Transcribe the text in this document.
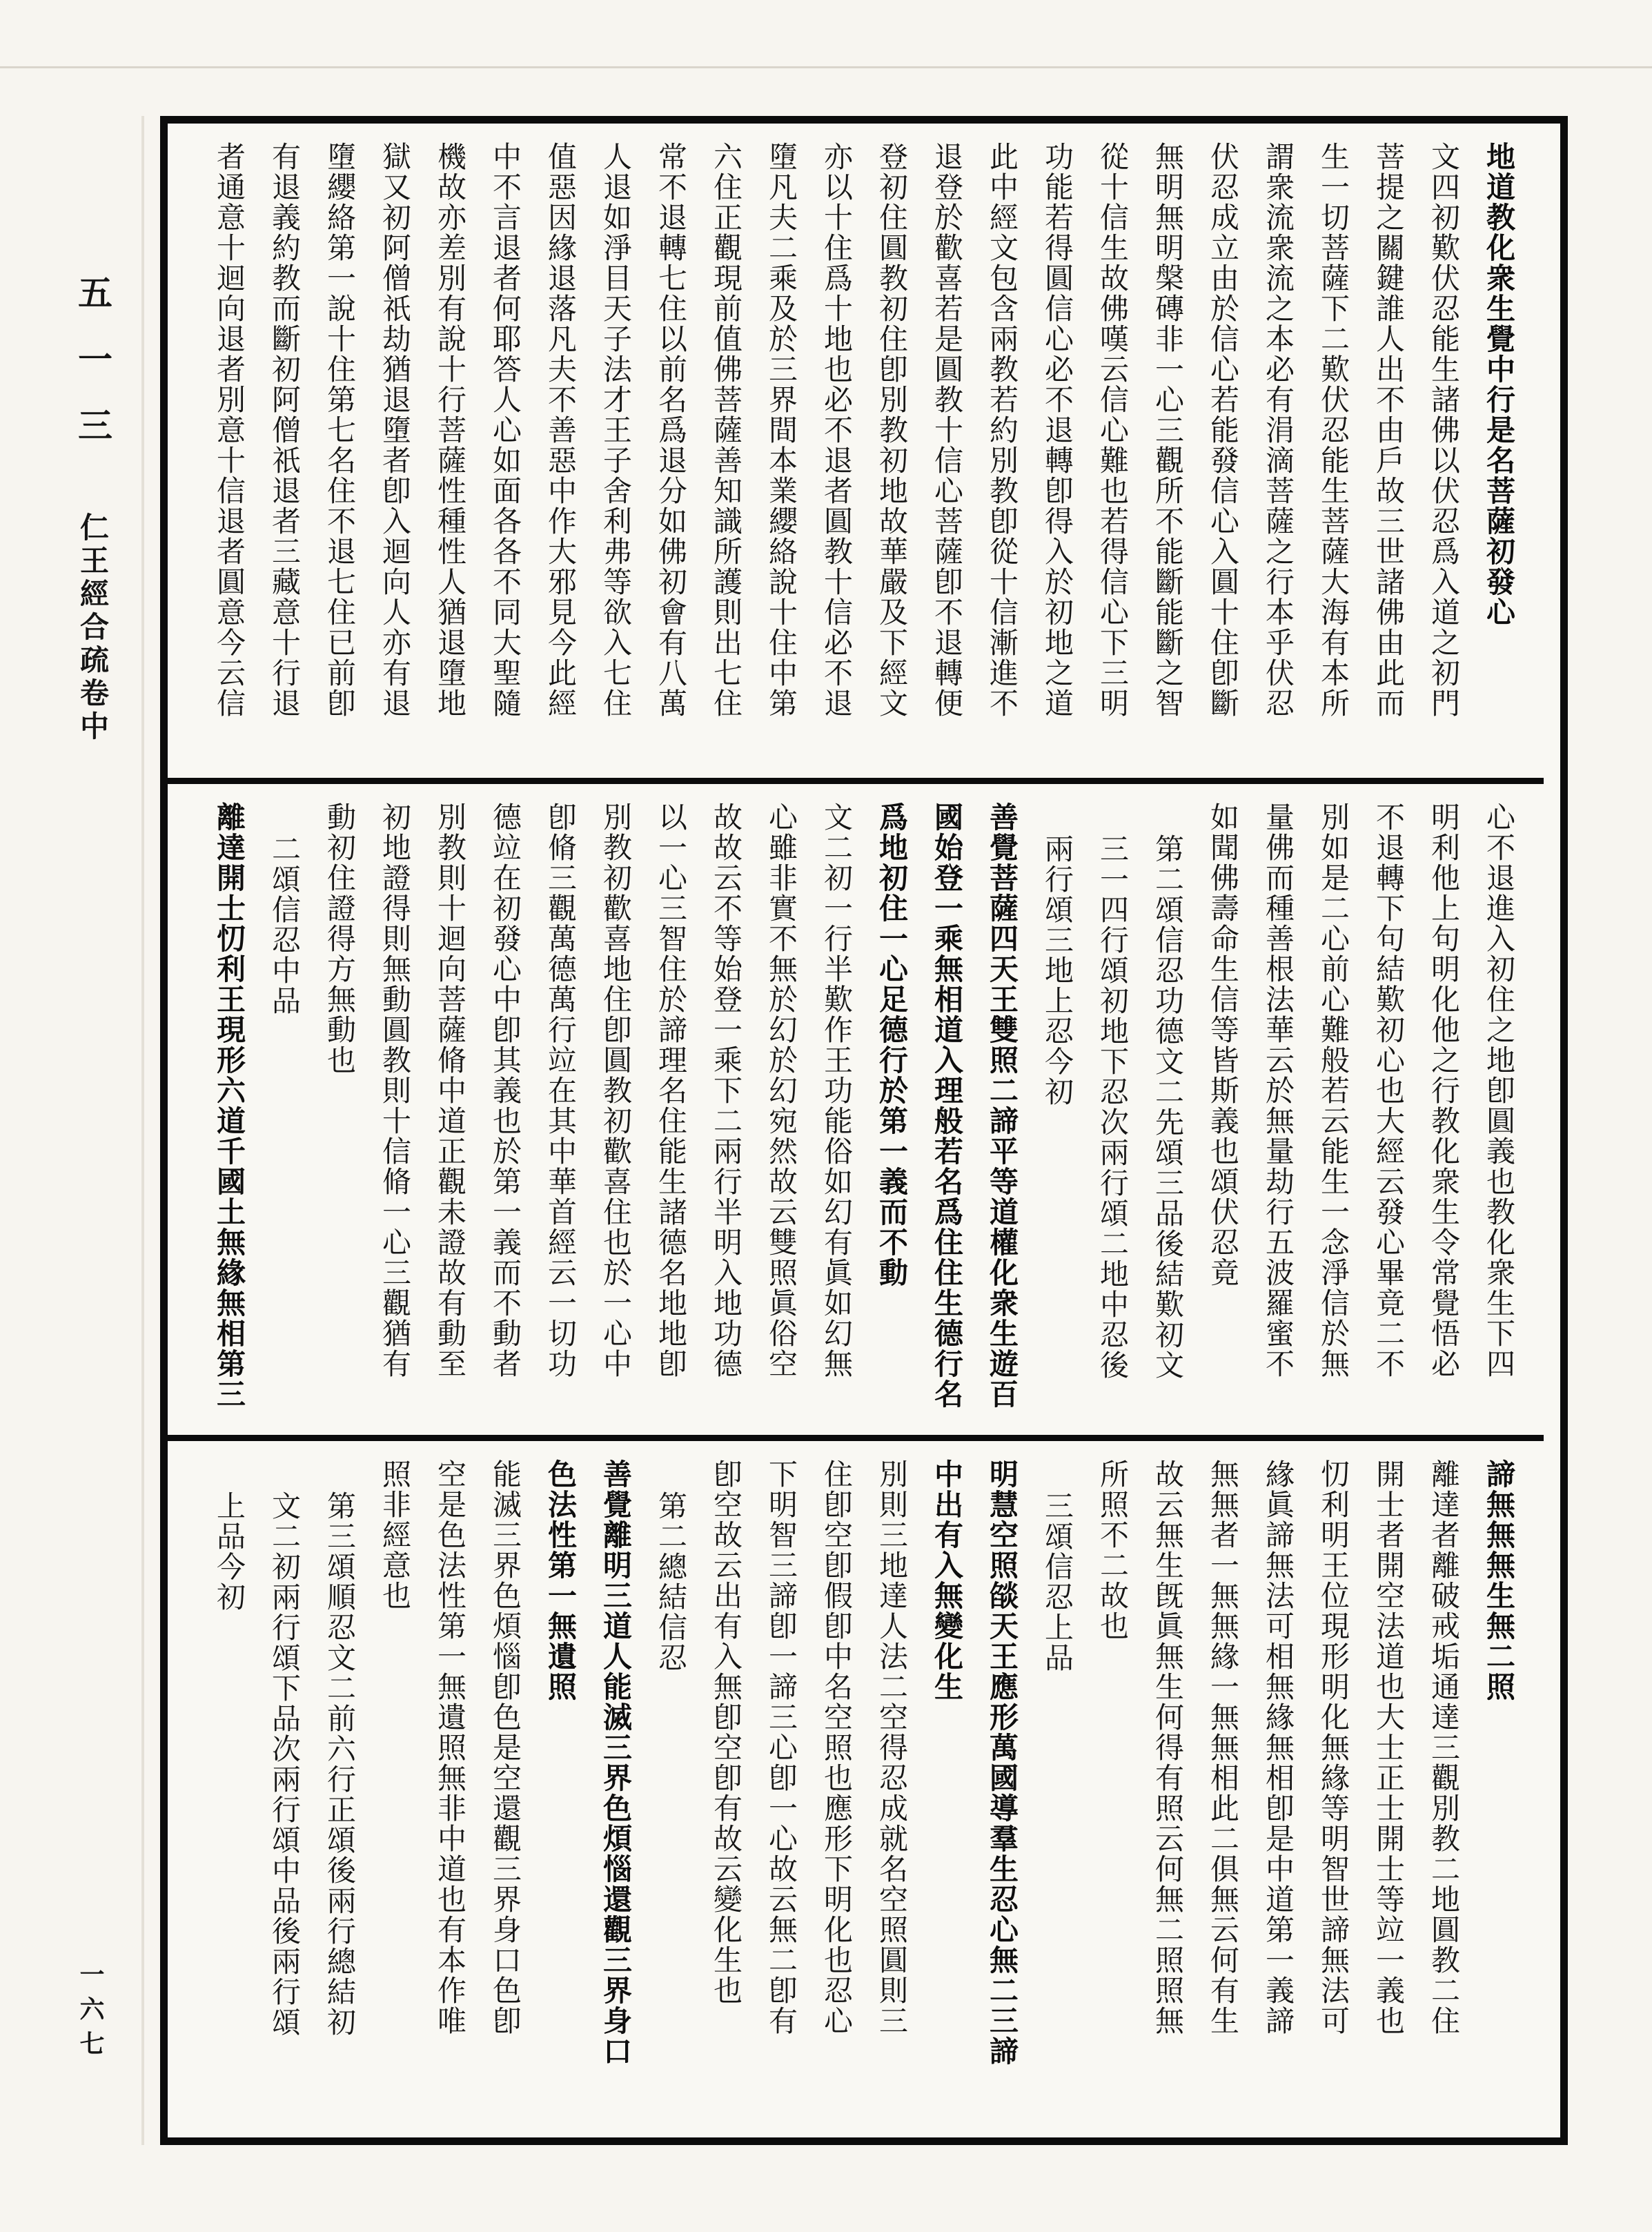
五一三
仁王經合疏卷中
一六七
地道教化衆生覺中行是名菩薩初發心
文四初歎伏忍能生諸佛以伏忍爲入道之初門
菩提之關鍵誰人出不由戶故三世諸佛由此而
生一切菩薩下二歎伏忍能生菩薩大海有本所
謂衆流衆流之本必有涓滴菩薩之行本乎伏忍
伏忍成立由於信心若能發信心入圓十住卽斷
無明無明槃磚非一心三觀所不能斷能斷之智
從十信生故佛嘆云信心難也若得信心下三明
功能若得圓信心必不退轉卽得入於初地之道
此中經文包含兩教若約別教卽從十信漸進不
退登於歡喜若是圓教十信心菩薩卽不退轉便
登初住圓教初住卽別教初地故華嚴及下經文
亦以十住爲十地也必不退者圓教十信必不退
墮凡夫二乘及於三界間本業纓絡說十住中第
六住正觀現前值佛菩薩善知識所護則出七住
常不退轉七住以前名爲退分如佛初會有八萬
人退如淨目天子法才王子舍利弗等欲入七住
值惡因緣退落凡夫不善惡中作大邪見今此經
中不言退者何耶答人心如面各各不同大聖隨
機故亦差別有說十行菩薩性種性人猶退墮地
獄又初阿僧祇劫猶退墮者卽入迴向人亦有退
墮纓絡第一說十住第七名住不退七住已前卽
有退義約教而斷初阿僧祇退者三藏意十行退
者通意十迴向退者別意十信退者圓意今云信
心不退進入初住之地卽圓義也教化衆生下四
明利他上句明化他之行教化衆生令常覺悟必
不退轉下句結歎初心也大經云發心畢竟二不
別如是二心前心難般若云能生一念淨信於無
量佛而種善根法華云於無量劫行五波羅蜜不
如聞佛壽命生信等皆斯義也頌伏忍竟
第二頌信忍功德文二先頌三品後結歎初文
三一四行頌初地下忍次兩行頌二地中忍後
兩行頌三地上忍今初
善覺菩薩四天王雙照二諦平等道權化衆生遊百
國始登一乘無相道入理般若名爲住住生德行名
爲地初住一心足德行於第一義而不動
文二初一行半歎作王功能俗如幻有眞如幻無
心雖非實不無於幻於幻宛然故云雙照眞俗空
故故云不等始登一乘下二兩行半明入地功德
以一心三智住於諦理名住能生諸德名地地卽
別教初歡喜地住卽圓教初歡喜住也於一心中
卽脩三觀萬德萬行竝在其中華首經云一切功
德竝在初發心中卽其義也於第一義而不動者
別教則十迴向菩薩脩中道正觀未證故有動至
初地證得則無動圓教則十信脩一心三觀猶有
動初住證得方無動也
二頌信忍中品
離達開士忉利王現形六道千國土無緣無相第三
諦無無無生無二照
離達者離破戒垢通達三觀別教二地圓教二住
開士者開空法道也大士正士開士等竝一義也
忉利明王位現形明化無緣等明智世諦無法可
緣眞諦無法可相無緣無相卽是中道第一義諦
無無者一無無緣一無無相此二俱無云何有生
故云無生旣眞無生何得有照云何無二照照無
所照不二故也
三頌信忍上品
明慧空照燄天王應形萬國導羣生忍心無二三諦
中出有入無變化生
別則三地達人法二空得忍成就名空照圓則三
住卽空卽假卽中名空照也應形下明化也忍心
下明智三諦卽一諦三心卽一心故云無二卽有
卽空故云出有入無卽空卽有故云變化生也
第二總結信忍
善覺離明三道人能滅三界色煩惱還觀三界身口
色法性第一無遺照
能滅三界色煩惱卽色是空還觀三界身口色卽
空是色法性第一無遺照無非中道也有本作唯
照非經意也
第三頌順忍文二前六行正頌後兩行總結初
文二初兩行頌下品次兩行頌中品後兩行頌
上品今初
